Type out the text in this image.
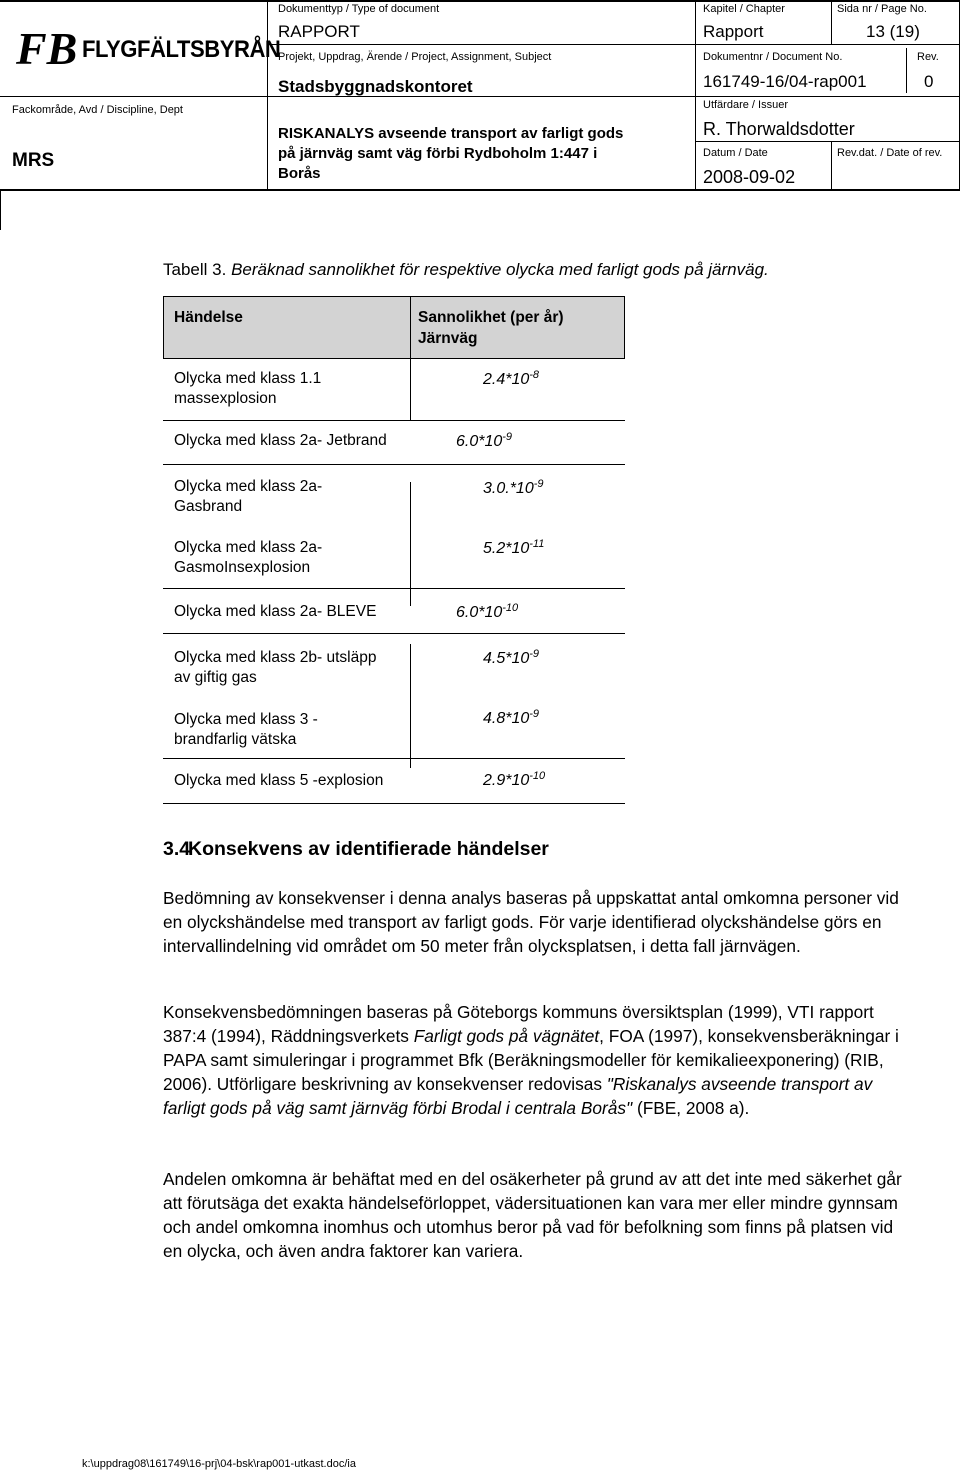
FB FLYGFÄLTSBYRÅN
Fackområde, Avd / Discipline, Dept
MRS
Dokumenttyp / Type of document
RAPPORT
Projekt, Uppdrag, Ärende / Project, Assignment, Subject
Stadsbyggnadskontoret
RISKANALYS avseende transport av farligt gods
på järnväg samt väg förbi Rydboholm 1:447 i
Borås
Kapitel / Chapter
Rapport
Sida nr / Page No.
13 (19)
Dokumentnr / Document No.	Rev.
161749-16/04-rap001	0
Utfärdare / Issuer
R. Thorwaldsdotter
Datum / Date	Rev.dat. / Date of rev.
2008-09-02
Tabell 3. Beräknad sannolikhet för respektive olycka med farligt gods på järnväg.
Händelse	Sannolikhet (per år)
Järnväg
Olycka med klass 1.1
massexplosion
$2.4*10^{-8}$
Olycka med klass 2a- Jetbrand	$6.0*10^{-9}$
Olycka med klass 2a-
Gasbrand
$3.0.*10^{-9}$
Olycka med klass 2a-
GasmoInsexplosion
$5.2*10^{-11}$
Olycka med klass 2a- BLEVE	$6.0*10^{-10}$
Olycka med klass 2b- utsläpp
av giftig gas
$4.5*10^{-9}$
Olycka med klass 3 -
brandfarlig vätska
$4.8*10^{-9}$
Olycka med klass 5 -explosion	$2.9*10^{-10}$
3.4
Konsekvens av identifierade händelser
Bedömning av konsekvenser i denna analys baseras på uppskattat antal omkomna personer vid en olyckshändelse med transport av farligt gods. För varje identifierad olyckshändelse görs en intervallindelning vid området om 50 meter från olycksplatsen, i detta fall järnvägen.
Konsekvensbedömningen baseras på Göteborgs kommuns översiktsplan (1999), VTI rapport 387:4 (1994), Räddningsverkets Farligt gods på vägnätet, FOA (1997), konsekvensberäkningar i PAPA samt simuleringar i programmet Bfk (Beräkningsmodeller för kemikalieexponering) (RIB, 2006). Utförligare beskrivning av konsekvenser redovisas "Riskanalys avseende transport av farligt gods på väg samt järnväg förbi Brodal i centrala Borås" (FBE, 2008 a).
Andelen omkomna är behäftat med en del osäkerheter på grund av att det inte med säkerhet går att förutsäga det exakta händelseförloppet, vädersituationen kan vara mer eller mindre gynnsam och andel omkomna inomhus och utomhus beror på vad för befolkning som finns på platsen vid en olycka, och även andra faktorer kan variera.
k:\uppdrag08\161749\16-prj\04-bsk\rap001-utkast.doc/ia
